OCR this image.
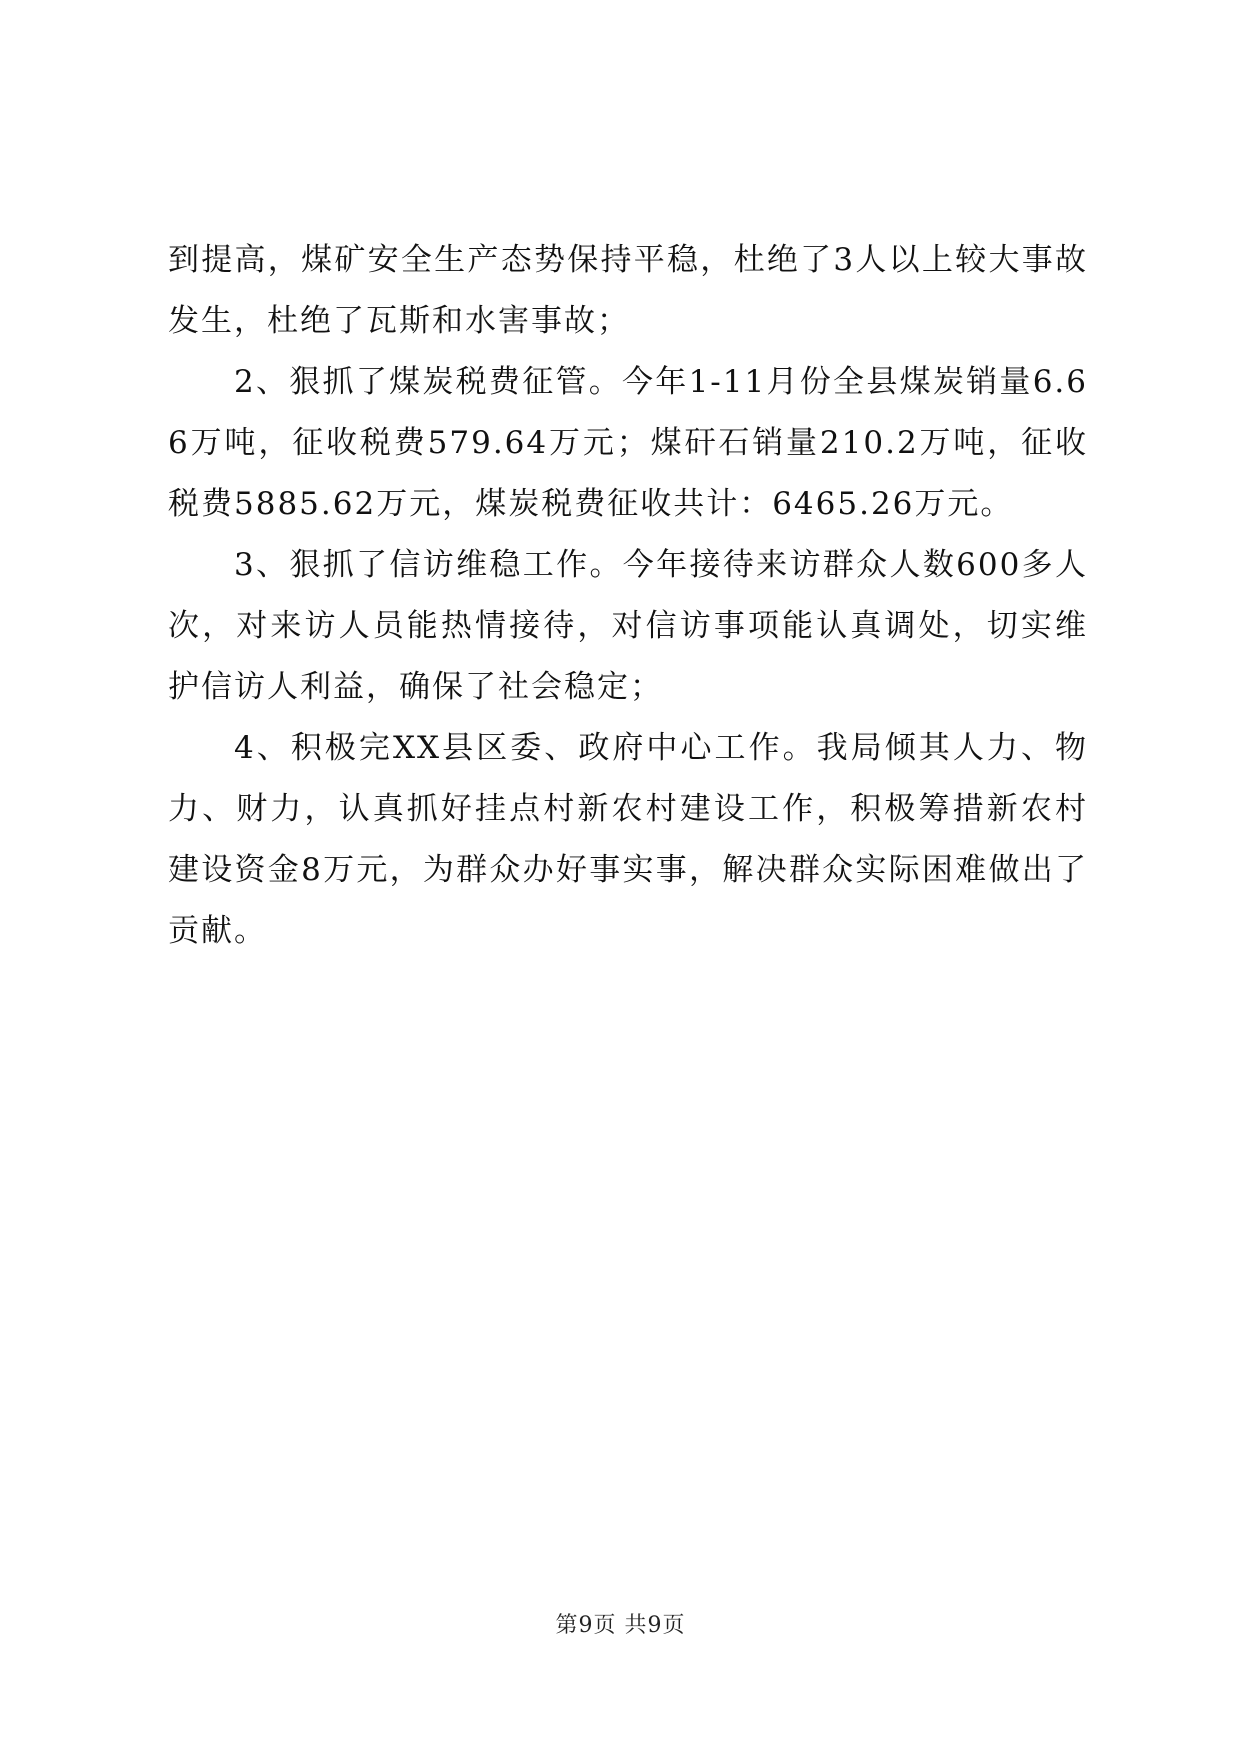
到提高，煤矿安全生产态势保持平稳，杜绝了3人以上较大事故发生，杜绝了瓦斯和水害事故；

2、狠抓了煤炭税费征管。今年1-11月份全县煤炭销量6.66万吨，征收税费579.64万元；煤矸石销量210.2万吨，征收税费5885.62万元，煤炭税费征收共计：6465.26万元。

3、狠抓了信访维稳工作。今年接待来访群众人数600多人次，对来访人员能热情接待，对信访事项能认真调处，切实维护信访人利益，确保了社会稳定；

4、积极完XX县区委、政府中心工作。我局倾其人力、物力、财力，认真抓好挂点村新农村建设工作，积极筹措新农村建设资金8万元，为群众办好事实事，解决群众实际困难做出了贡献。

第9页 共9页
